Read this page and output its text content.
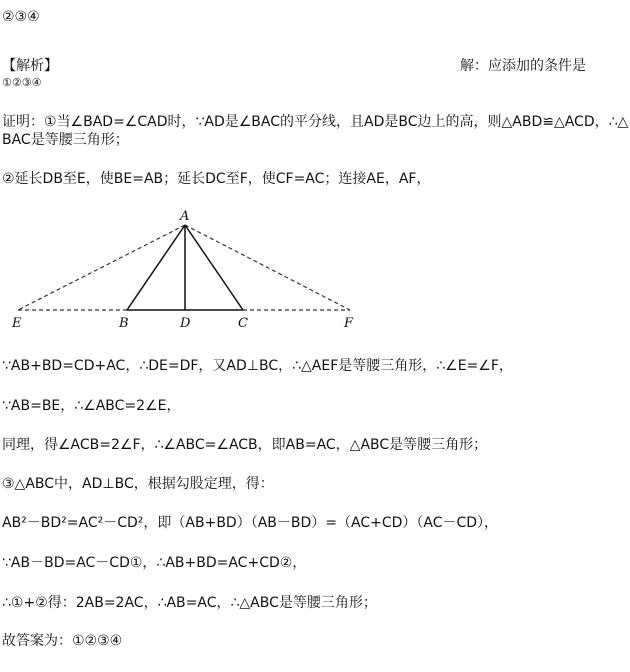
②③④
【解析】	解：应添加的条件是
①②③④
证明：①当∠BAD=∠CAD时，∵AD是∠BAC的平分线，且AD是BC边上的高，则△ABD≌△ACD，∴△
BAC是等腰三角形；
②延长DB至E，使BE=AB；延长DC至F，使CF=AC；连接AE，AF，
A
E	B	D	C	F
∵AB+BD=CD+AC，∴DE=DF，又AD⊥BC，∴△AEF是等腰三角形，∴∠E=∠F，
∵AB=BE，∴∠ABC=2∠E，
同理，得∠ACB=2∠F，∴∠ABC=∠ACB，即AB=AC，△ABC是等腰三角形；
③△ABC中，AD⊥BC，根据勾股定理，得：
AB²－BD²=AC²－CD²，即（AB+BD）（AB－BD）=（AC+CD）（AC－CD），
∵AB－BD=AC－CD①，∴AB+BD=AC+CD②，
∴①+②得：2AB=2AC，∴AB=AC，∴△ABC是等腰三角形；
故答案为：①②③④
